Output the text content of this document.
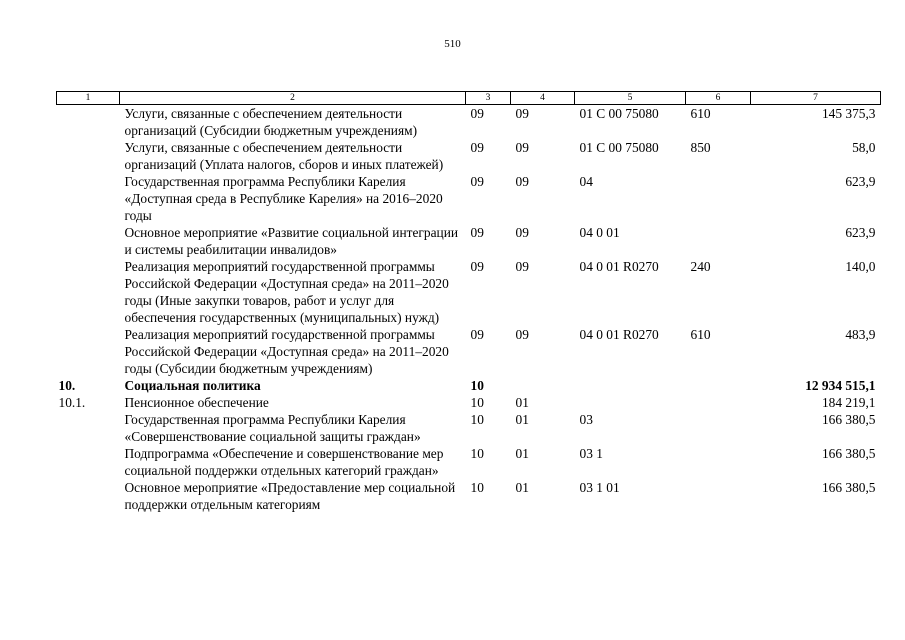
510
1	2	3	4	5	6	7
	Услуги, связанные с обеспечением деятельности организаций (Субсидии бюджетным учреждениям)	09	09	01 С 00 75080	610	145 375,3
	Услуги, связанные с обеспечением деятельности организаций (Уплата налогов, сборов и иных платежей)	09	09	01 С 00 75080	850	58,0
	Государственная программа Республики Карелия «Доступная среда в Республике Карелия» на 2016–2020 годы	09	09	04		623,9
	Основное мероприятие «Развитие социальной интеграции и системы реабилитации инвалидов»	09	09	04 0 01		623,9
	Реализация мероприятий государственной программы Российской Федерации «Доступная среда» на 2011–2020 годы (Иные закупки товаров, работ и услуг для обеспечения государственных (муниципальных) нужд)	09	09	04 0 01 R0270	240	140,0
	Реализация мероприятий государственной программы Российской Федерации «Доступная среда» на 2011–2020 годы (Субсидии бюджетным учреждениям)	09	09	04 0 01 R0270	610	483,9
10.	Социальная политика	10				12 934 515,1
10.1.	Пенсионное обеспечение	10	01			184 219,1
	Государственная программа Республики Карелия «Совершенствование социальной защиты граждан»	10	01	03		166 380,5
	Подпрограмма «Обеспечение и совершенствование мер социальной поддержки отдельных категорий граждан»	10	01	03 1		166 380,5
	Основное мероприятие «Предоставление мер социальной поддержки отдельным категориям	10	01	03 1 01		166 380,5
